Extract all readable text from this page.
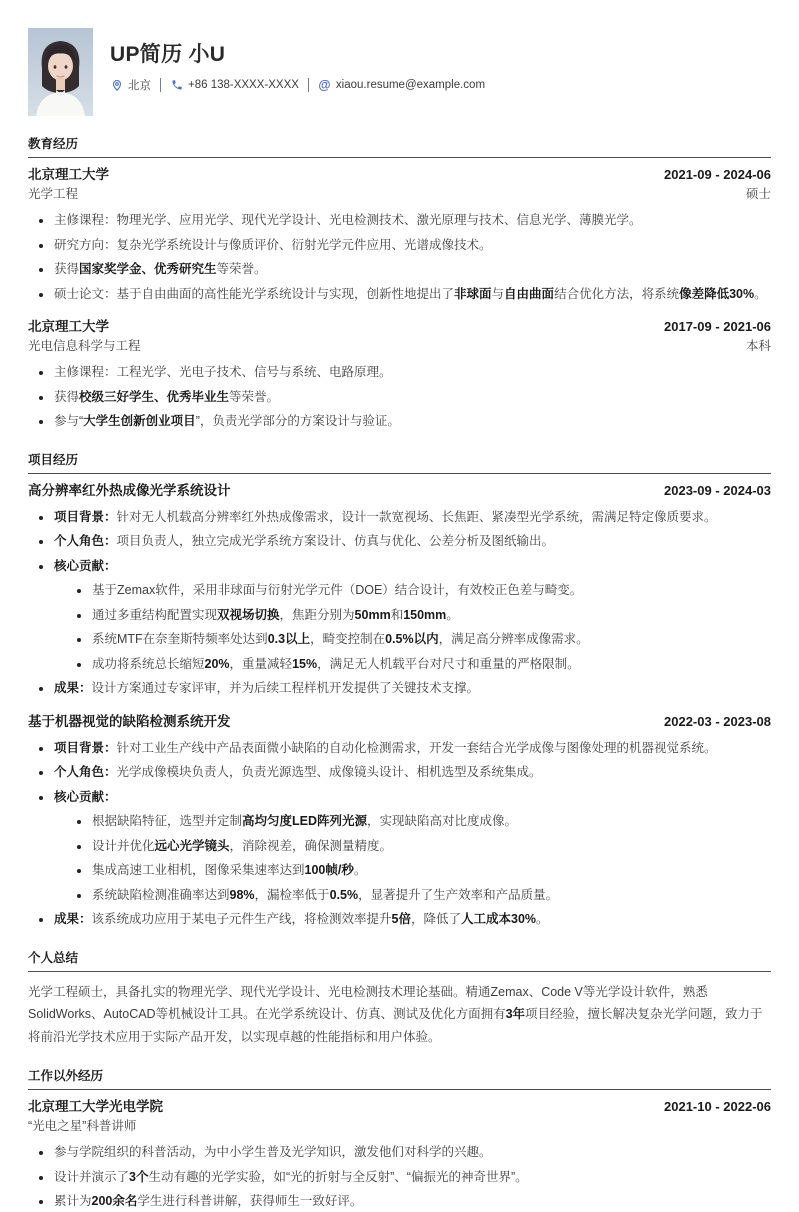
UP简历 小U
北京	+86 138-XXXX-XXXX @ xiaou.resume@example.com
教育经历
北京理工大学	2021-09 - 2024-06
光学工程	硕士
主修课程：物理光学、应用光学、现代光学设计、光电检测技术、激光原理与技术、信息光学、薄膜光学。
研究方向：复杂光学系统设计与像质评价、衍射光学元件应用、光谱成像技术。
获得国家奖学金、优秀研究生等荣誉。
硕士论文：基于自由曲面的高性能光学系统设计与实现，创新性地提出了非球面与自由曲面结合优化方法，将系统像差降低30%。
北京理工大学	2017-09 - 2021-06
光电信息科学与工程	本科
主修课程：工程光学、光电子技术、信号与系统、电路原理。
获得校级三好学生、优秀毕业生等荣誉。
参与“大学生创新创业项目”，负责光学部分的方案设计与验证。
项目经历
高分辨率红外热成像光学系统设计	2023-09 - 2024-03
项目背景：针对无人机载高分辨率红外热成像需求，设计一款宽视场、长焦距、紧凑型光学系统，需满足特定像质要求。
个人角色：项目负责人，独立完成光学系统方案设计、仿真与优化、公差分析及图纸输出。
核心贡献：
基于Zemax软件，采用非球面与衍射光学元件（DOE）结合设计，有效校正色差与畸变。
通过多重结构配置实现双视场切换，焦距分别为50mm和150mm。
系统MTF在奈奎斯特频率处达到0.3以上，畸变控制在0.5%以内，满足高分辨率成像需求。
成功将系统总长缩短20%，重量减轻15%，满足无人机载平台对尺寸和重量的严格限制。
成果：设计方案通过专家评审，并为后续工程样机开发提供了关键技术支撑。
基于机器视觉的缺陷检测系统开发	2022-03 - 2023-08
项目背景：针对工业生产线中产品表面微小缺陷的自动化检测需求，开发一套结合光学成像与图像处理的机器视觉系统。
个人角色：光学成像模块负责人，负责光源选型、成像镜头设计、相机选型及系统集成。
核心贡献：
根据缺陷特征，选型并定制高均匀度LED阵列光源，实现缺陷高对比度成像。
设计并优化远心光学镜头，消除视差，确保测量精度。
集成高速工业相机，图像采集速率达到100帧/秒。
系统缺陷检测准确率达到98%，漏检率低于0.5%，显著提升了生产效率和产品质量。
成果：该系统成功应用于某电子元件生产线，将检测效率提升5倍，降低了人工成本30%。
个人总结

光学工程硕士，具备扎实的物理光学、现代光学设计、光电检测技术理论基础。精通Zemax、Code V等光学设计软件，熟悉SolidWorks、AutoCAD等机械设计工具。在光学系统设计、仿真、测试及优化方面拥有3年项目经验，擅长解决复杂光学问题，致力于将前沿光学技术应用于实际产品开发，以实现卓越的性能指标和用户体验。

工作以外经历
北京理工大学光电学院	2021-10 - 2022-06
“光电之星”科普讲师
参与学院组织的科普活动，为中小学生普及光学知识，激发他们对科学的兴趣。
设计并演示了3个生动有趣的光学实验，如“光的折射与全反射”、“偏振光的神奇世界”。
累计为200余名学生进行科普讲解，获得师生一致好评。
